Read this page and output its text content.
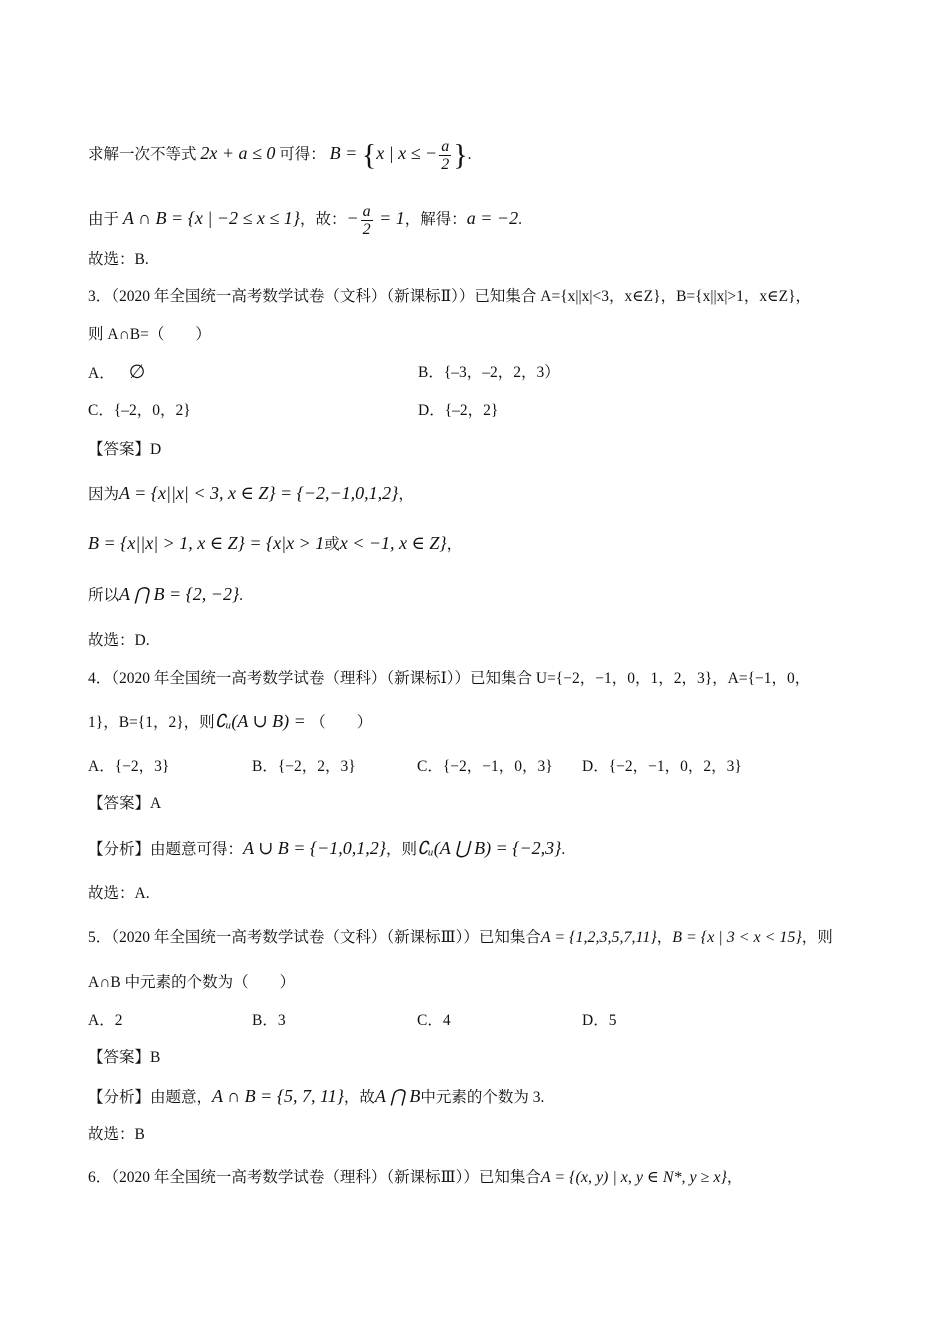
求解一次不等式 2x + a ≤ 0 可得： B = {x | x ≤ − $\frac{a}{2}$ }.
由于 A ∩ B = {x | −2 ≤ x ≤ 1}，故：− $\frac{a}{2} = 1$，解得：a = −2.
故选：B.
3．（2020 年全国统一高考数学试卷（文科）（新课标Ⅱ））已知集合 A={x||x|<3，x∈Z}，B={x||x|>1，x∈Z}，
则 A∩B=（　　）
A． ∅	B．{–3，–2，2，3）
C．{–2，0，2}	D．{–2，2}
【答案】D
因为A = {x||x| < 3, x ∈ Z} = {−2,−1,0,1,2}，
B = {x||x| > 1, x ∈ Z} = {x|x > 1或x < −1, x ∈ Z}，
所以A ⋂ B = {2, −2}.
故选：D.
4．（2020 年全国统一高考数学试卷（理科）（新课标Ⅰ））已知集合 U={−2，−1，0，1，2，3}，A={−1，0，
1}，B={1，2}，则∁ᵤ(A ∪ B) = （　　）
A．{−2，3}	B．{−2，2，3}	C．{−2，−1，0，3} D．{−2，−1，0，2，3}
【答案】A
【分析】由题意可得：A ∪ B = {−1,0,1,2}，则∁ᵤ(A ⋃ B) = {−2,3}.
故选：A.
5．（2020 年全国统一高考数学试卷（文科）（新课标Ⅲ））已知集合A = {1,2,3,5,7,11}，B = {x | 3 < x < 15}，则
A∩B 中元素的个数为（　　）
A．2	B．3	C．4	D．5
【答案】B
【分析】由题意，A ∩ B = {5, 7, 11}，故A ⋂ B中元素的个数为 3.
故选：B
6．（2020 年全国统一高考数学试卷（理科）（新课标Ⅲ））已知集合A = {(x, y) | x, y ∈ N*, y ≥ x}，
